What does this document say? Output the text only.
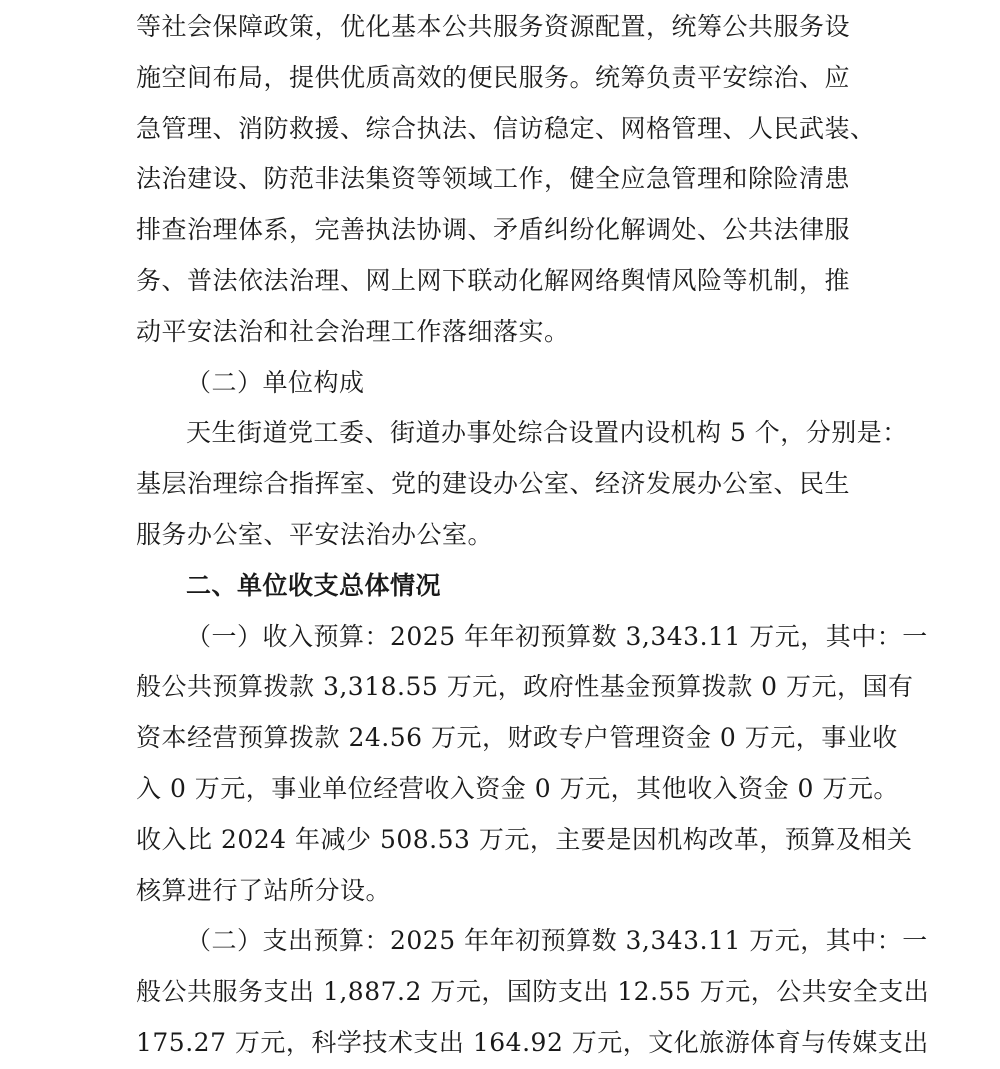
等社会保障政策，优化基本公共服务资源配置，统筹公共服务设
施空间布局，提供优质高效的便民服务。统筹负责平安综治、应
急管理、消防救援、综合执法、信访稳定、网格管理、人民武装、
法治建设、防范非法集资等领域工作，健全应急管理和除险清患
排查治理体系，完善执法协调、矛盾纠纷化解调处、公共法律服
务、普法依法治理、网上网下联动化解网络舆情风险等机制，推
动平安法治和社会治理工作落细落实。
（二）单位构成
天生街道党工委、街道办事处综合设置内设机构 5 个，分别是：
基层治理综合指挥室、党的建设办公室、经济发展办公室、民生
服务办公室、平安法治办公室。
二、单位收支总体情况
（一）收入预算：2025 年年初预算数 3,343.11 万元，其中：一
般公共预算拨款 3,318.55 万元，政府性基金预算拨款 0 万元，国有
资本经营预算拨款 24.56 万元，财政专户管理资金 0 万元，事业收
入 0 万元，事业单位经营收入资金 0 万元，其他收入资金 0 万元。
收入比 2024 年减少 508.53 万元，主要是因机构改革，预算及相关
核算进行了站所分设。
（二）支出预算：2025 年年初预算数 3,343.11 万元，其中：一
般公共服务支出 1,887.2 万元，国防支出 12.55 万元，公共安全支出
175.27 万元，科学技术支出 164.92 万元，文化旅游体育与传媒支出
